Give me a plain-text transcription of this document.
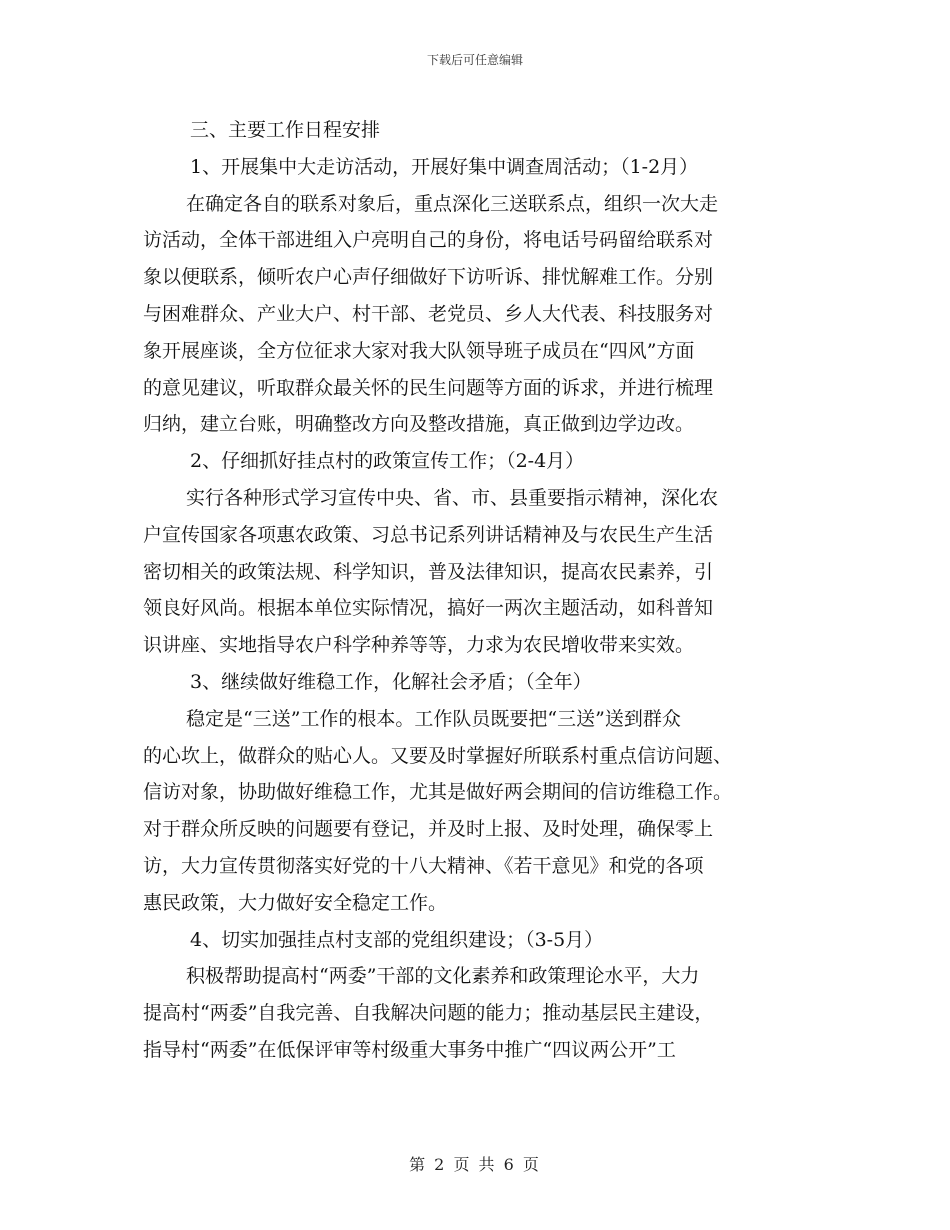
下载后可任意编辑
三、主要工作日程安排
1、开展集中大走访活动，开展好集中调查周活动；（1-2月）
在确定各自的联系对象后，重点深化三送联系点，组织一次大走
访活动，全体干部进组入户亮明自己的身份，将电话号码留给联系对
象以便联系，倾听农户心声仔细做好下访听诉、排忧解难工作。分别
与困难群众、产业大户、村干部、老党员、乡人大代表、科技服务对
象开展座谈，全方位征求大家对我大队领导班子成员在“四风”方面
的意见建议，听取群众最关怀的民生问题等方面的诉求，并进行梳理
归纳，建立台账，明确整改方向及整改措施，真正做到边学边改。
2、仔细抓好挂点村的政策宣传工作；（2-4月）
实行各种形式学习宣传中央、省、市、县重要指示精神，深化农
户宣传国家各项惠农政策、习总书记系列讲话精神及与农民生产生活
密切相关的政策法规、科学知识，普及法律知识，提高农民素养，引
领良好风尚。根据本单位实际情况，搞好一两次主题活动，如科普知
识讲座、实地指导农户科学种养等等，力求为农民增收带来实效。
3、继续做好维稳工作，化解社会矛盾；（全年）
稳定是“三送”工作的根本。工作队员既要把“三送”送到群众
的心坎上，做群众的贴心人。又要及时掌握好所联系村重点信访问题、
信访对象，协助做好维稳工作，尤其是做好两会期间的信访维稳工作。
对于群众所反映的问题要有登记，并及时上报、及时处理，确保零上
访，大力宣传贯彻落实好党的十八大精神、《若干意见》和党的各项
惠民政策，大力做好安全稳定工作。
4、切实加强挂点村支部的党组织建设；（3-5月）
积极帮助提高村“两委”干部的文化素养和政策理论水平，大力
提高村“两委”自我完善、自我解决问题的能力；推动基层民主建设，
指导村“两委”在低保评审等村级重大事务中推广“四议两公开”工
第 2 页 共 6 页
